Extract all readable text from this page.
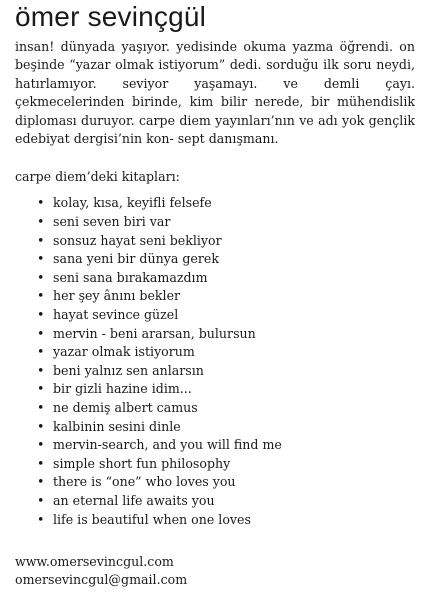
ömer sevinçgül

insan! dünyada yaşıyor. yedisinde okuma yazma öğrendi. on beşinde “yazar olmak istiyorum” dedi. sorduğu ilk soru neydi, hatırlamıyor. seviyor yaşamayı. ve demli çayı. çekmecelerinden birinde, kim bilir nerede, bir mühendislik diploması duruyor. carpe diem yayınları’nın ve adı yok gençlik edebiyat dergisi’nin kon- sept danışmanı.

carpe diem’deki kitapları:

• kolay, kısa, keyifli felsefe
• seni seven biri var
• sonsuz hayat seni bekliyor
• sana yeni bir dünya gerek
• seni sana bırakamazdım
• her şey ânını bekler
• hayat sevince güzel
• mervin - beni ararsan, bulursun
• yazar olmak istiyorum
• beni yalnız sen anlarsın
• bir gizli hazine idim...
• ne demiş albert camus
• kalbinin sesini dinle
• mervin-search, and you will find me
• simple short fun philosophy
• there is “one” who loves you
• an eternal life awaits you
• life is beautiful when one loves

www.omersevincgul.com

omersevincgul@gmail.com
